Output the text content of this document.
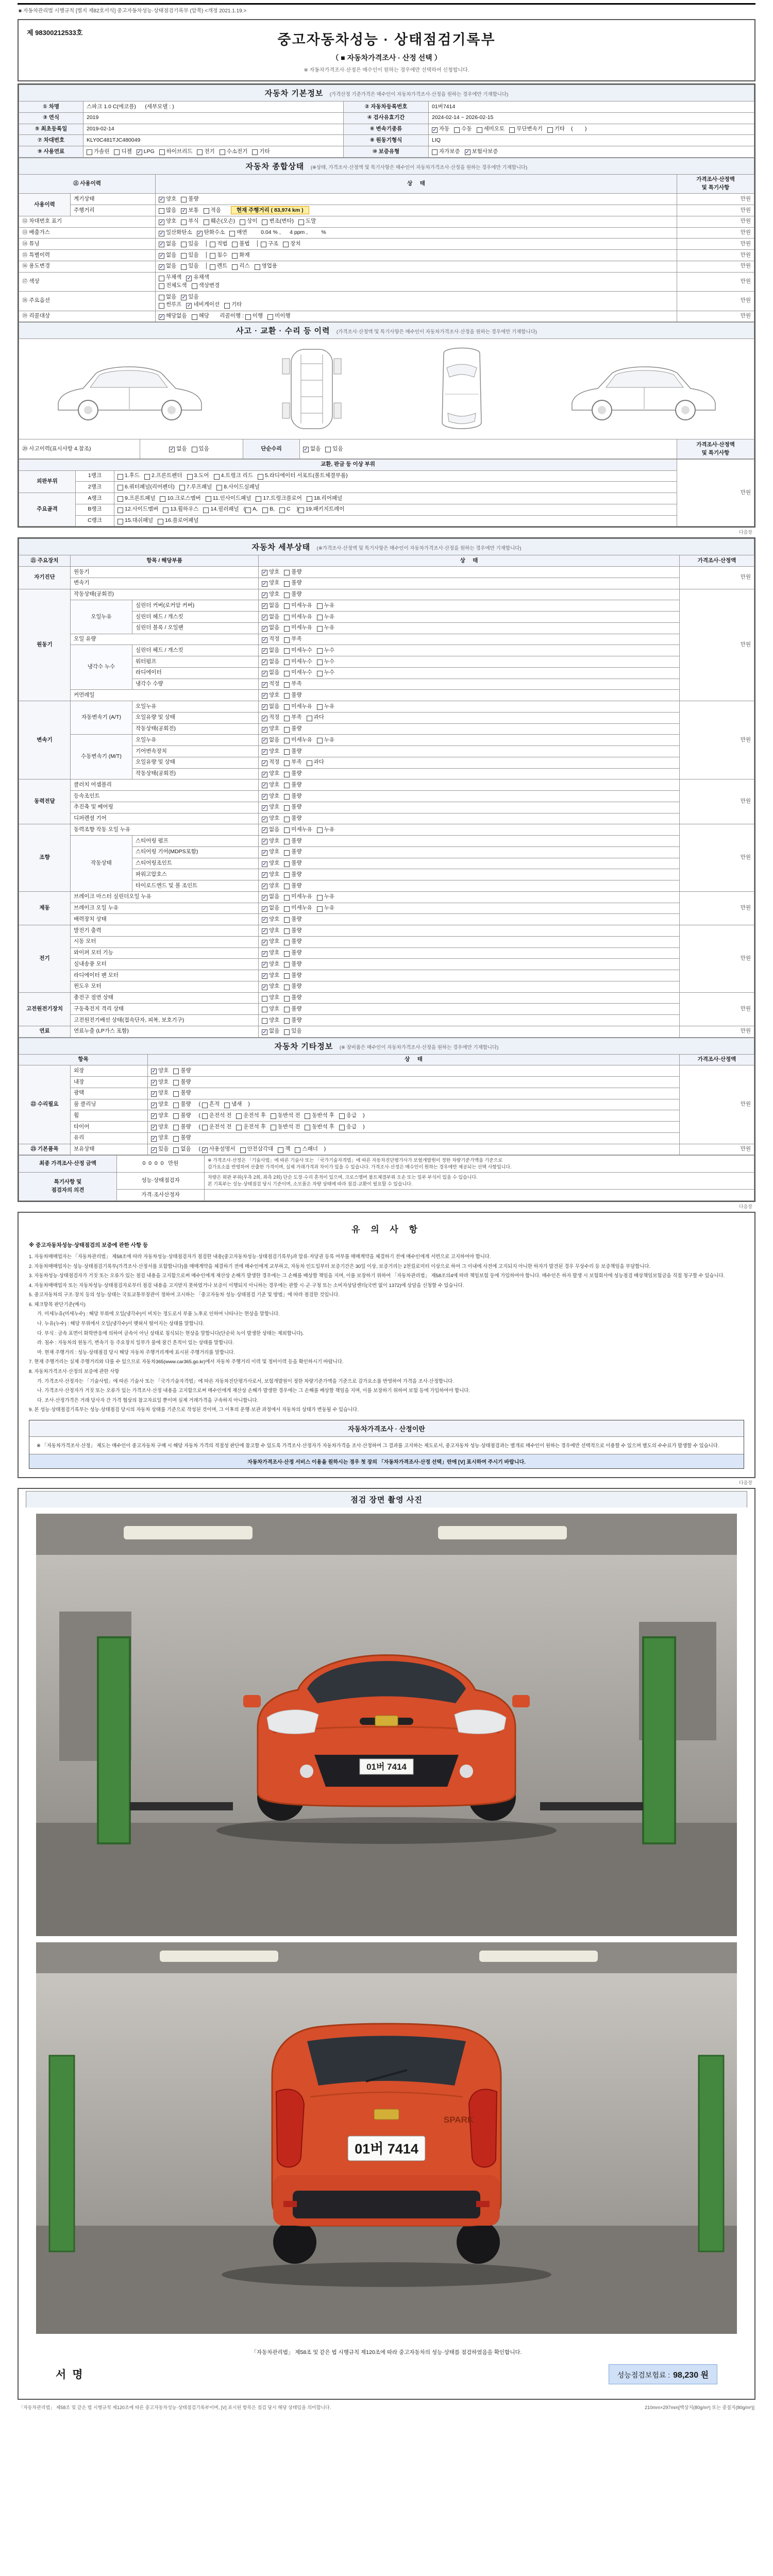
■ 자동차관리법 시행규칙 [별지 제82호서식] 중고자동차성능·상태점검기록부 (앞쪽) <개정 2021.1.19.>
제 98300212533호	중고자동차성능 · 상태점검기록부
（ ■ 자동차가격조사 · 산정 선택 ）
※ 자동차가격조사·산정은 매수인이 원하는 경우에만 선택하여 신청합니다.
자동차 기본정보 (가격산정 기준가격은 매수인이 자동차가격조사·산정을 원하는 경우에만 기재합니다)
① 차명	스파크 1.0 C(에코플)      (세부모델 : )	② 자동차등록번호	01버7414

③ 연식	2019	④ 검사유효기간	2024-02-14 ~ 2026-02-15

⑤ 최초등록일	2019-02-14	⑥ 변속기종류	✓ 자동 수동 세미오토 무단변속기 기타 (        )

⑦ 차대번호	KLY0C481TJC480049	⑧ 원동기형식	LIQ

⑨ 사용연료	가솔린 디젤 ✓ LPG 하이브리드 전기 수소전기 기타	⑩ 보증유형	자가보증 ✓ 보험사보증
자동차 종합상태 (※상태, 가격조사·산정액 및 특기사항은 매수인이 자동차가격조사·산정을 원하는 경우에만 기재합니다)
⑪ 사용이력		상     태	가격조사·산정액
및 특기사항

사용이력	계기상태	✓ 양호 불량	만원

	주행거리	많음 ✓ 보통 적음 현재 주행거리 ( 83,974 km )	만원

⑫ 차대번호 표기		✓ 양호 부식 훼손(오손) 상이 변조(변타) 도말	만원

⑬ 배출가스		✓ 일산화탄소 ✓ 탄화수소 매연      0.04 % ,      4 ppm ,         %	만원

⑭ 튜닝		✓ 없음 있음 │  적법 불법 │  구조 장치	만원

⑮ 특별이력		✓ 없음 있음 │  침수 화재	만원

⑯ 용도변경		✓ 없음 있음 │  렌트 리스 영업용	만원

⑰ 색상		무채색 ✓ 유채색
전체도색 색상변경	만원

⑱ 주요옵션		없음 ✓ 있음
썬루프 ✓ 네비게이션 기타	만원

⑲ 리콜대상		✓ 해당없음 해당    리콜이행 :  이행 미이행	만원
사고 · 교환 · 수리 등 이력 (가격조사·산정액 및 특기사항은 매수인이 자동차가격조사·산정을 원하는 경우에만 기재합니다)
⑳ 사고이력(표시사항 4.참조)	✓ 없음 있음	단순수리	✓ 없음 있음

가격조사·산정액
및 특기사항
교환, 판금 등 이상 부위			만원

외판부위	1랭크	1.후드 2.프론트펜더 3.도어 4.트렁크 리드 5.라디에이터 서포트(볼트체결부품)	

	2랭크	6.쿼터패널(리어펜더) 7.루프패널 8.사이드실패널	

주요골격	A랭크	9.프론트패널 10.크로스멤버 11.인사이드패널 17.트렁크플로어 18.리어패널	

	B랭크	12.사이드멤버 13.휠하우스 14.필러패널 ( A, B, C ) 19.패키지트레이	

	C랭크	15.대쉬패널 16.플로어패널	
다음장
자동차 세부상태 (※가격조사·산정액 및 특기사항은 매수인이 자동차가격조사·산정을 원하는 경우에만 기재합니다)
㉑ 주요장치	항목 / 해당부품		상     태	가격조사·산정액

자기진단	원동기		✓ 양호 불량	만원

	변속기		✓ 양호 불량	

원동기	작동상태(공회전)		✓ 양호 불량	만원

	오일누유	실린더 커버(로커암 커버)	✓ 없음 미세누유 누유	

		실린더 헤드 / 개스킷	✓ 없음 미세누유 누유	

		실린더 블록 / 오일팬	✓ 없음 미세누유 누유	

	오일 유량		✓ 적정 부족	

	냉각수 누수	실린더 헤드 / 개스킷	✓ 없음 미세누수 누수	

		워터펌프	✓ 없음 미세누수 누수	

		라디에이터	✓ 없음 미세누수 누수	

		냉각수 수량	✓ 적정 부족	

	커먼레일		✓ 양호 불량	

변속기	자동변속기 (A/T)	오일누유	✓ 없음 미세누유 누유	만원

		오일유량 및 상태	✓ 적정 부족 과다	

		작동상태(공회전)	✓ 양호 불량	

	수동변속기 (M/T)	오일누유	✓ 없음 미세누유 누유	

		기어변속장치	✓ 양호 불량	

		오일유량 및 상태	✓ 적정 부족 과다	

		작동상태(공회전)	✓ 양호 불량	

동력전달	클러치 어셈블리		✓ 양호 불량	만원

	등속조인트		✓ 양호 불량	

	추진축 및 베어링		✓ 양호 불량	

	디퍼렌셜 기어		✓ 양호 불량	

조향	동력조향 작동 오일 누유		✓ 없음 미세누유 누유	만원

	작동상태	스티어링 펌프	✓ 양호 불량	

		스티어링 기어(MDPS포함)	✓ 양호 불량	

		스티어링조인트	✓ 양호 불량	

		파워고압호스	✓ 양호 불량	

		타이로드엔드 및 볼 조인트	✓ 양호 불량	

제동	브레이크 마스터 실린더오일 누유		✓ 없음 미세누유 누유	만원

	브레이크 오일 누유		✓ 없음 미세누유 누유	

	배력장치 상태		✓ 양호 불량	

전기	발전기 출력		✓ 양호 불량	만원

	시동 모터		✓ 양호 불량	

	와이퍼 모터 기능		✓ 양호 불량	

	실내송풍 모터		✓ 양호 불량	

	라디에이터 팬 모터		✓ 양호 불량	

	윈도우 모터		✓ 양호 불량	

고전원전기장치	충전구 절연 상태		양호 불량	만원

	구동축전지 격리 상태		양호 불량	

	고전원전기배선 상태(접속단자, 피복, 보호기구)		양호 불량	

연료	연료누출 (LP가스 포함)		✓ 없음 있음	만원
자동차 기타정보 (※ 장비품은 매수인이 자동차가격조사·산정을 원하는 경우에만 기재합니다)
항목		상     태	가격조사·산정액

㉒ 수리필요	외장	✓ 양호 불량	만원

	내장	✓ 양호 불량	

	광택	✓ 양호 불량	

	룸 클리닝	✓ 양호 불량  (  흔적 냄새 )	

	휠	✓ 양호 불량  (  운전석 전 운전석 후 동반석 전 동반석 후 응급 )	

	타이어	✓ 양호 불량  (  운전석 전 운전석 후 동반석 전 동반석 후 응급 )	

	유리	✓ 양호 불량	

㉓ 기본품목	보유상태	✓ 있음 없음  ( ✓ 사용설명서 안전삼각대 잭 스패너 )	만원
최종 가격조사·산정 금액	0  0  0  0   만원	※ 가격조사·산정은 「기술사법」에 따른 기술사 또는 「국가기술자격법」에 따른 자동차진단평가사가 보험개발원이 정한 차량기준가액을 기준으로
감가요소를 반영하여 산출한 가격이며, 실제 거래가격과 차이가 있을 수 있습니다. 가격조사·산정은 매수인이 원하는 경우에만 제공되는 선택 사항입니다.

특기사항 및
점검자의 의견

성능·상태점검자

차량은 외판 부위(우측 2회, 좌측 2회) 단순 도장·수리 흔적이 있으며, 크로스멤버 볼트체결부위 오손 또는 일부 부식이 있을 수 있습니다.
본 기록부는 성능·상태점검 당시 기준이며, 소모품은 차량 상태에 따라 점검·교환이 필요할 수 있습니다.

	가격·조사산정자	

다음장
유 의 사 항
※ 중고자동차성능·상태점검의 보증에 관한 사항 등
1. 자동차매매업자는 「자동차관리법」 제58조에 따라 자동차성능·상태점검자가 점검한 내용(중고자동차성능·상태점검기록부)과 압류·저당권 등록 여부를 매매계약을 체결하기 전에 매수인에게 서면으로 고지하여야 합니다.
2. 자동차매매업자는 성능·상태점검기록부(가격조사·산정서를 포함합니다)를 매매계약을 체결하기 전에 매수인에게 교부하고, 자동차 인도일부터 보증기간은 30일 이상, 보증거리는 2천킬로미터 이상으로 하여 그 이내에 사전에 고지되지 아니한 하자가 발견된 경우 무상수리 등 보증책임을 부담합니다.
3. 자동차성능·상태점검자가 거짓 또는 오류가 있는 점검 내용을 고지함으로써 매수인에게 재산상 손해가 발생한 경우에는 그 손해를 배상할 책임을 지며, 이를 보장하기 위하여 「자동차관리법」 제58조의4에 따라 책임보험 등에 가입하여야 합니다. 매수인은 하자 발생 시 보험회사에 성능점검 배상책임보험금을 직접 청구할 수 있습니다.
4. 자동차매매업자 또는 자동차성능·상태점검자로부터 점검 내용을 고지받지 못하였거나 보증이 이행되지 아니하는 경우에는 관할 시·군·구청 또는 소비자상담센터(국번 없이 1372)에 상담을 신청할 수 있습니다.
5. 중고자동차의 구조·장치 등의 성능·상태는 국토교통부장관이 정하여 고시하는 「중고자동차 성능·상태점검 기준 및 방법」에 따라 점검한 것입니다.
6. 체크항목 판단기준(예시)
가. 미세누유(미세누수) : 해당 부위에 오일(냉각수)이 비치는 정도로서 부품 노후로 인하여 나타나는 현상을 말합니다.
나. 누유(누수) : 해당 부위에서 오일(냉각수)이 맺혀서 떨어지는 상태를 말합니다.
다. 부식 : 금속 표면이 화학반응에 의하여 금속이 아닌 상태로 침식되는 현상을 말합니다(단순히 녹이 발생한 상태는 제외합니다).
라. 침수 : 자동차의 원동기, 변속기 등 주요장치 일부가 물에 잠긴 흔적이 있는 상태를 말합니다.
마. 현재 주행거리 : 성능·상태점검 당시 해당 자동차 주행거리계에 표시된 주행거리를 말합니다.
7. 현재 주행거리는 실제 주행거리와 다를 수 있으므로 자동차365(www.car365.go.kr)에서 자동차 주행거리 이력 및 정비이력 등을 확인하시기 바랍니다.
8. 자동차가격조사·산정의 보증에 관한 사항
가. 가격조사·산정자는 「기술사법」에 따른 기술사 또는 「국가기술자격법」에 따른 자동차진단평가사로서, 보험개발원이 정한 차량기준가액을 기준으로 감가요소를 반영하여 가격을 조사·산정합니다.
나. 가격조사·산정자가 거짓 또는 오류가 있는 가격조사·산정 내용을 고지함으로써 매수인에게 재산상 손해가 발생한 경우에는 그 손해를 배상할 책임을 지며, 이를 보장하기 위하여 보험 등에 가입하여야 합니다.
다. 조사·산정가격은 거래 당사자 간 가격 협상의 참고자료일 뿐이며 실제 거래가격을 구속하지 아니합니다.
9. 본 성능·상태점검기록부는 성능·상태점검 당시의 자동차 상태를 기준으로 작성된 것이며, 그 이후의 운행·보관 과정에서 자동차의 상태가 변동될 수 있습니다.
자동차가격조사 · 산정이란
※ 「자동차가격조사·산정」 제도는 매수인이 중고자동차 구매 시 해당 자동차 가격의 적절성 판단에 참고할 수 있도록 가격조사·산정자가 자동차가격을 조사·산정하여 그 결과를 고지하는 제도로서, 중고자동차 성능·상태점검과는 별개로 매수인이 원하는 경우에만 선택적으로 이용할 수 있으며 별도의 수수료가 발생할 수 있습니다.
자동차가격조사·산정 서비스 이용을 원하시는 경우 첫 장의 「자동차가격조사·산정 선택」란에 [V] 표시하여 주시기 바랍니다.
다음장
점검 장면 촬영 사진
01버 7414
SPARK
01버 7414
「자동차관리법」 제58조 및 같은 법 시행규칙 제120조에 따라 중고자동차의 성능·상태를 점검하였음을 확인합니다.
서명	성능점검보험료 : 98,230 원
210mm×297mm[백상지(80g/m²) 또는 중질지(80g/m²)]
「자동차관리법」 제58조 및 같은 법 시행규칙 제120조에 따른 중고자동차성능·상태점검기록부이며, [V] 표시된 항목은 점검 당시 해당 상태임을 의미합니다.
